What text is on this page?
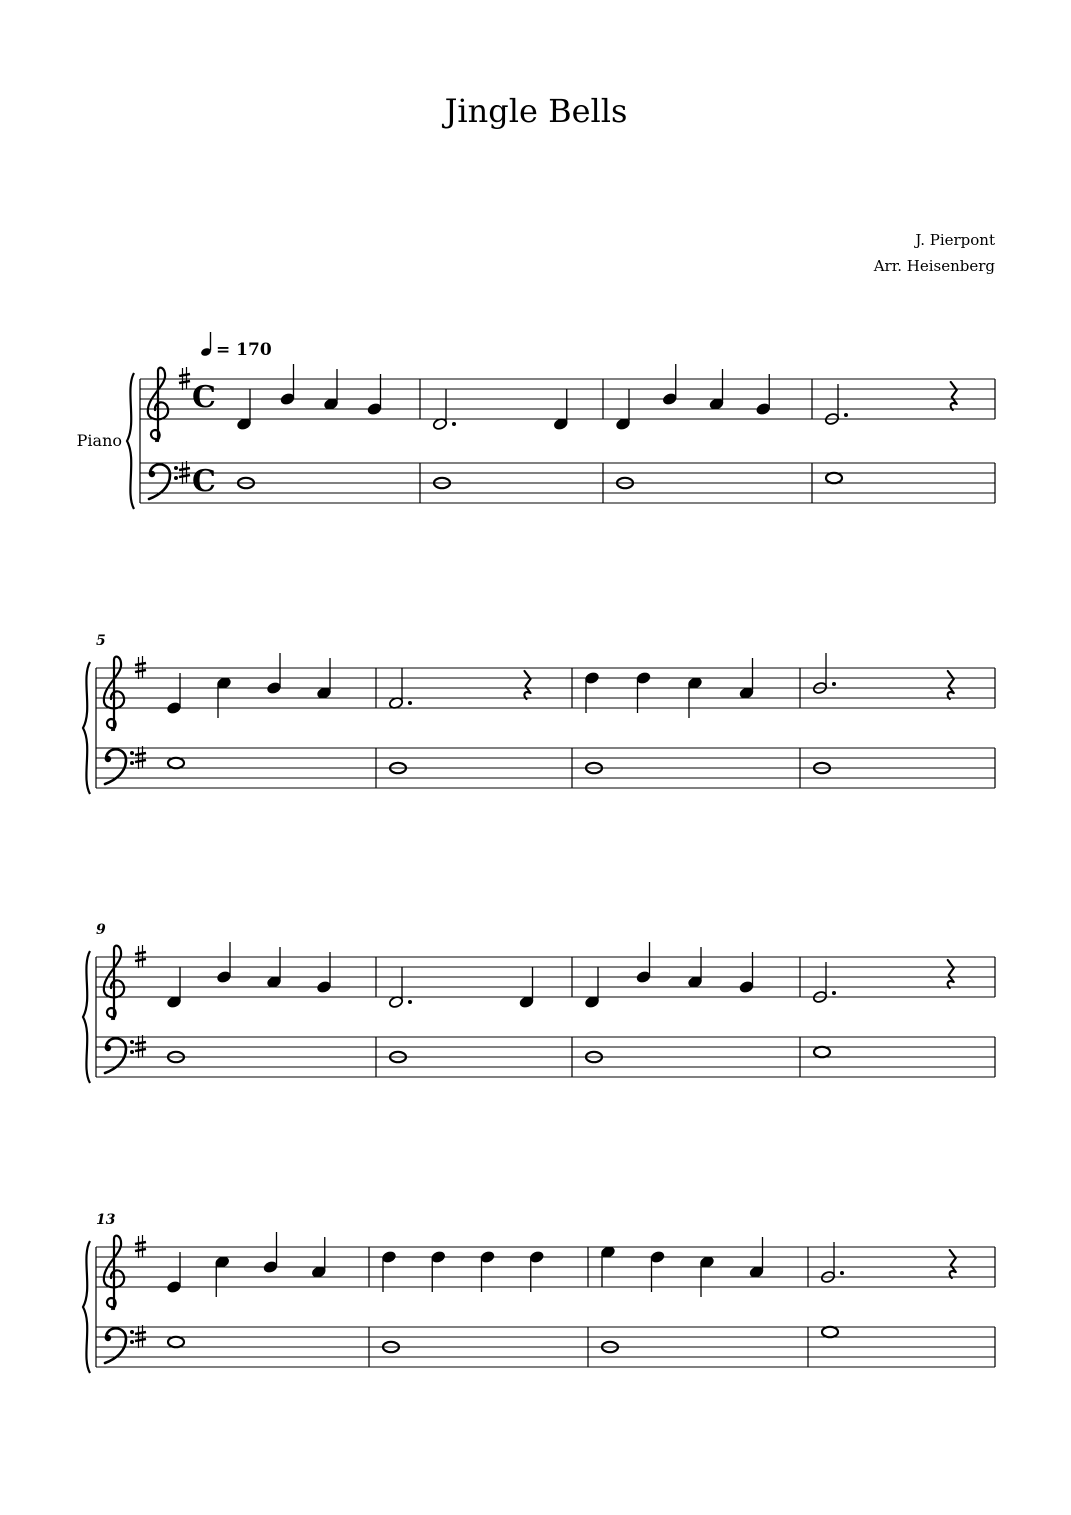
Jingle Bells
J. Pierpont
Arr. Heisenberg
Piano
= 170
C
C
5
9
13
